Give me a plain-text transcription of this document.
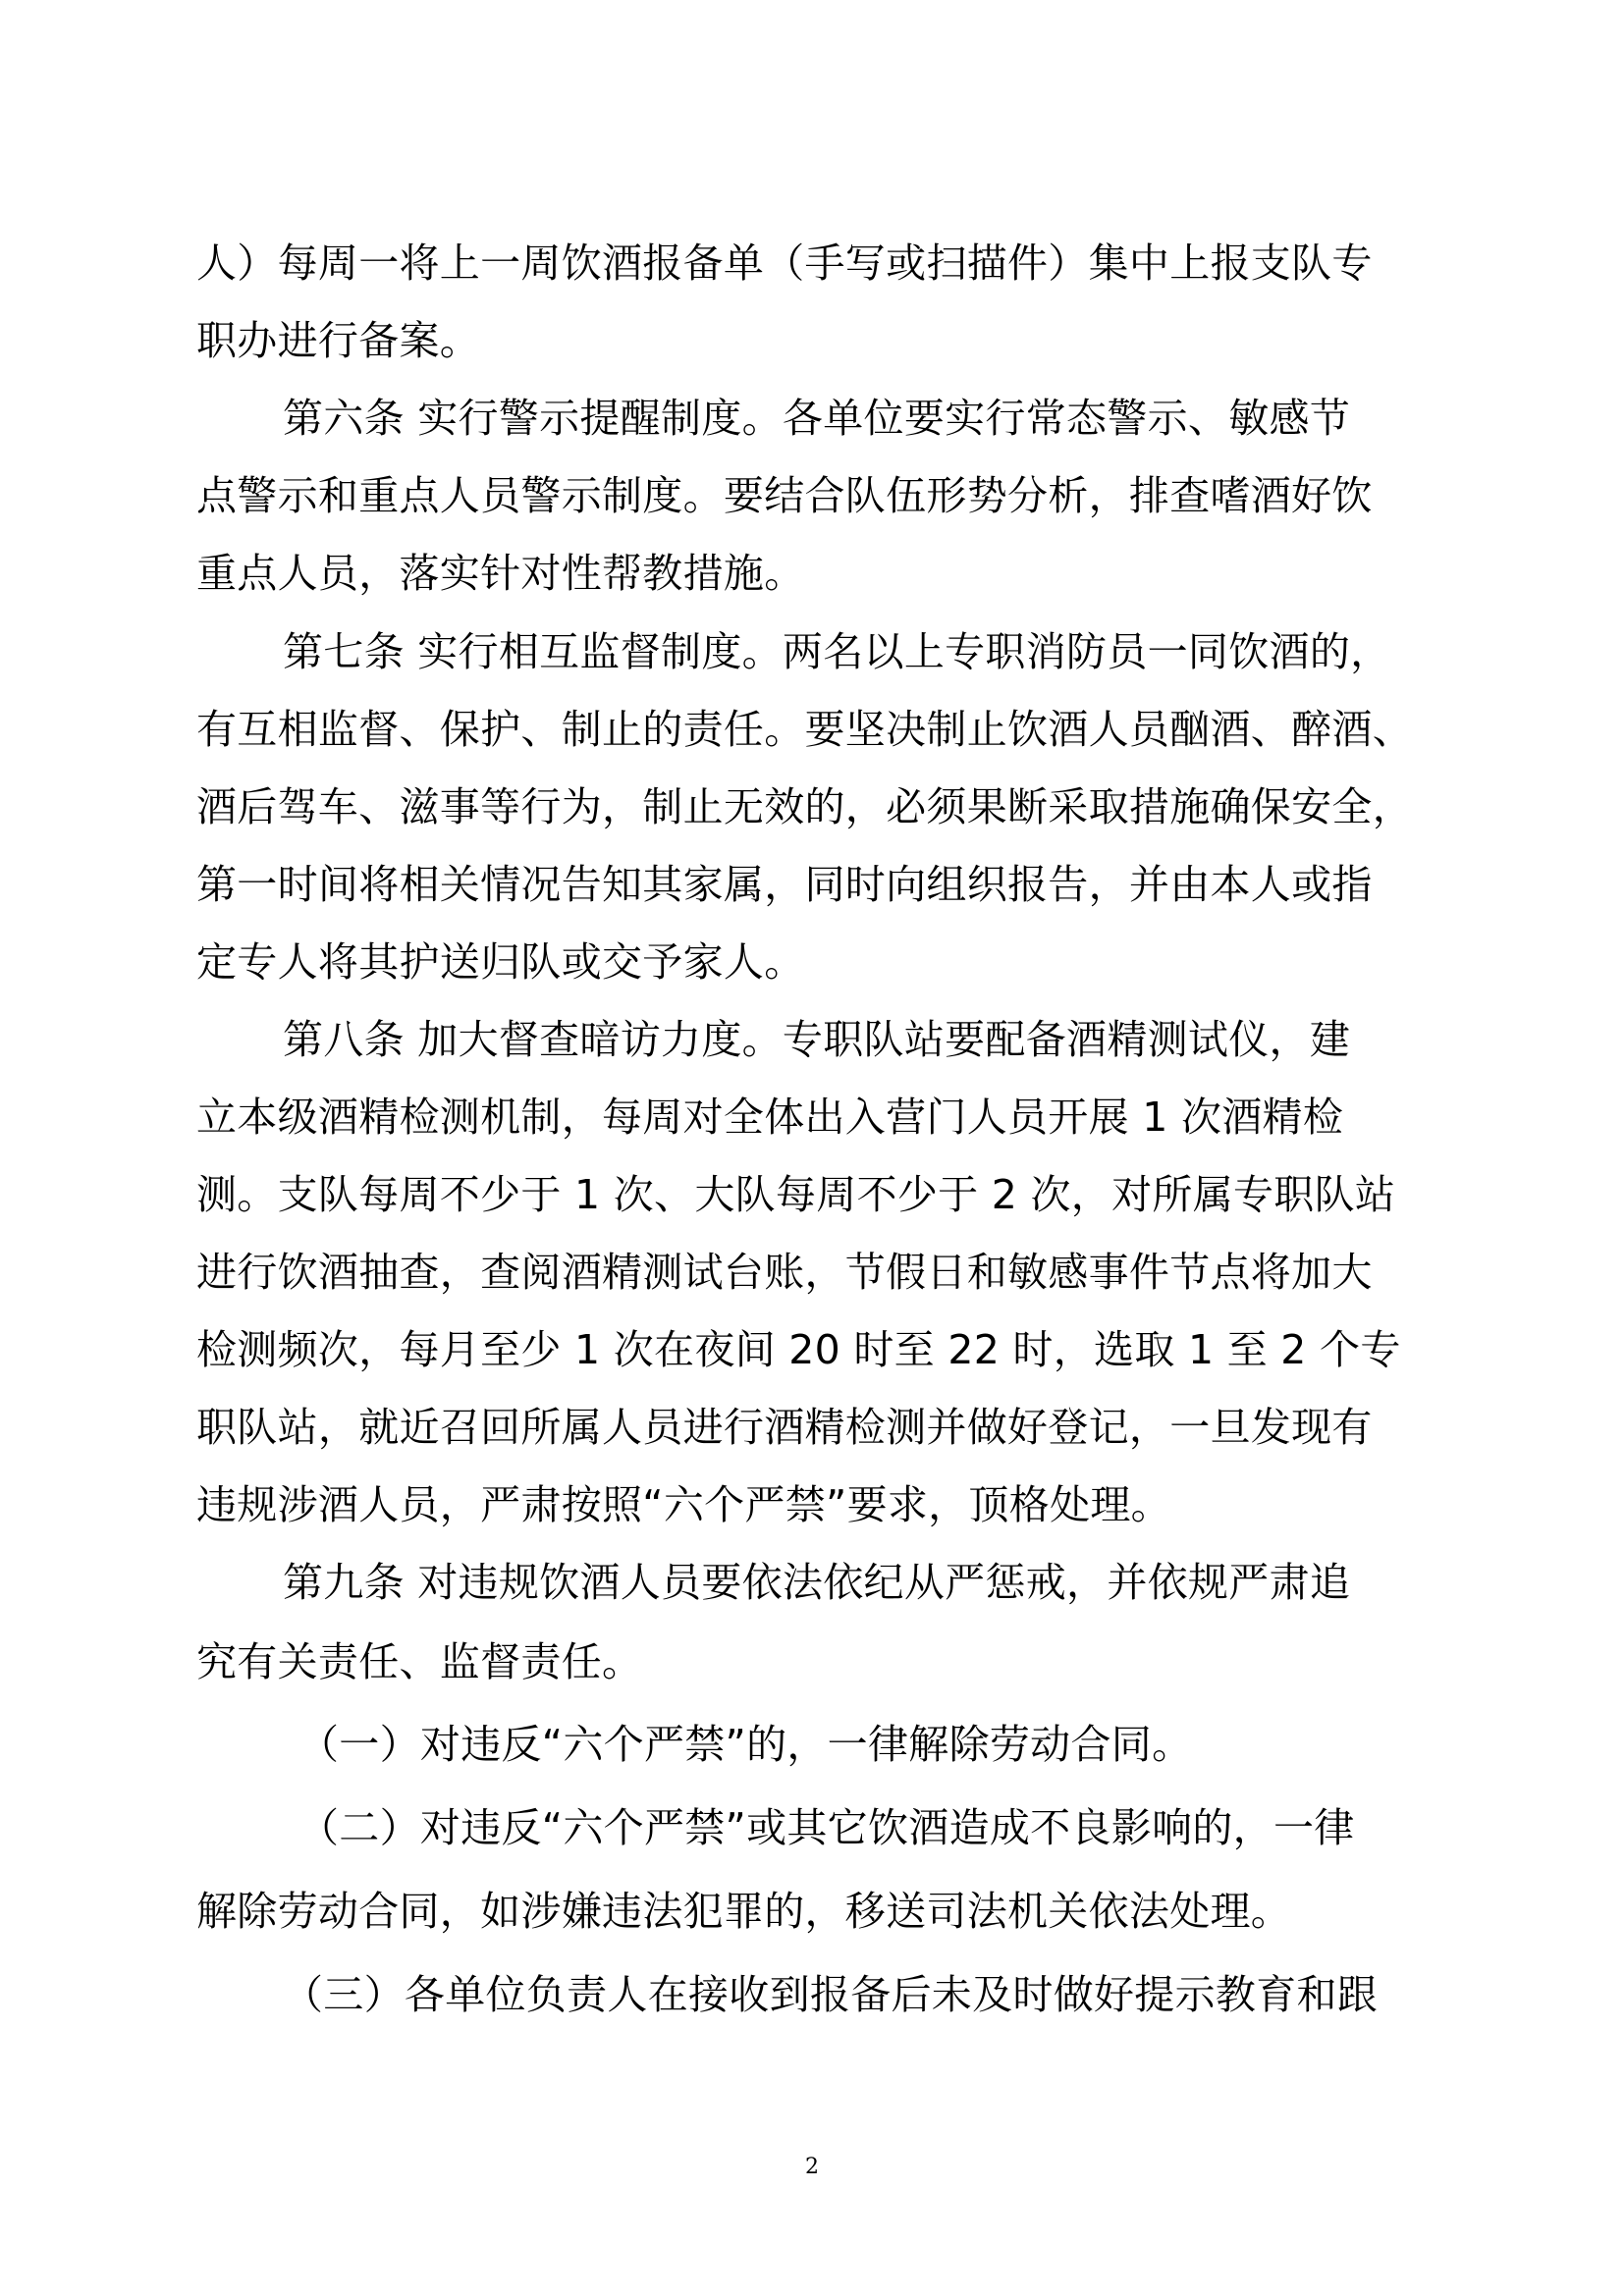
人）每周一将上一周饮酒报备单（手写或扫描件）集中上报支队专
职办进行备案。
第六条 实行警示提醒制度。各单位要实行常态警示、敏感节
点警示和重点人员警示制度。要结合队伍形势分析，排查嗜酒好饮
重点人员，落实针对性帮教措施。
第七条 实行相互监督制度。两名以上专职消防员一同饮酒的，
有互相监督、保护、制止的责任。要坚决制止饮酒人员酗酒、醉酒、
酒后驾车、滋事等行为，制止无效的，必须果断采取措施确保安全，
第一时间将相关情况告知其家属，同时向组织报告，并由本人或指
定专人将其护送归队或交予家人。
第八条 加大督查暗访力度。专职队站要配备酒精测试仪，建
立本级酒精检测机制，每周对全体出入营门人员开展 1 次酒精检
测。支队每周不少于 1 次、大队每周不少于 2 次，对所属专职队站
进行饮酒抽查，查阅酒精测试台账，节假日和敏感事件节点将加大
检测频次，每月至少 1 次在夜间 20 时至 22 时，选取 1 至 2 个专
职队站，就近召回所属人员进行酒精检测并做好登记，一旦发现有
违规涉酒人员，严肃按照“六个严禁”要求，顶格处理。
第九条 对违规饮酒人员要依法依纪从严惩戒，并依规严肃追
究有关责任、监督责任。
（一）对违反“六个严禁”的，一律解除劳动合同。
（二）对违反“六个严禁”或其它饮酒造成不良影响的，一律
解除劳动合同，如涉嫌违法犯罪的，移送司法机关依法处理。
（三）各单位负责人在接收到报备后未及时做好提示教育和跟
2
